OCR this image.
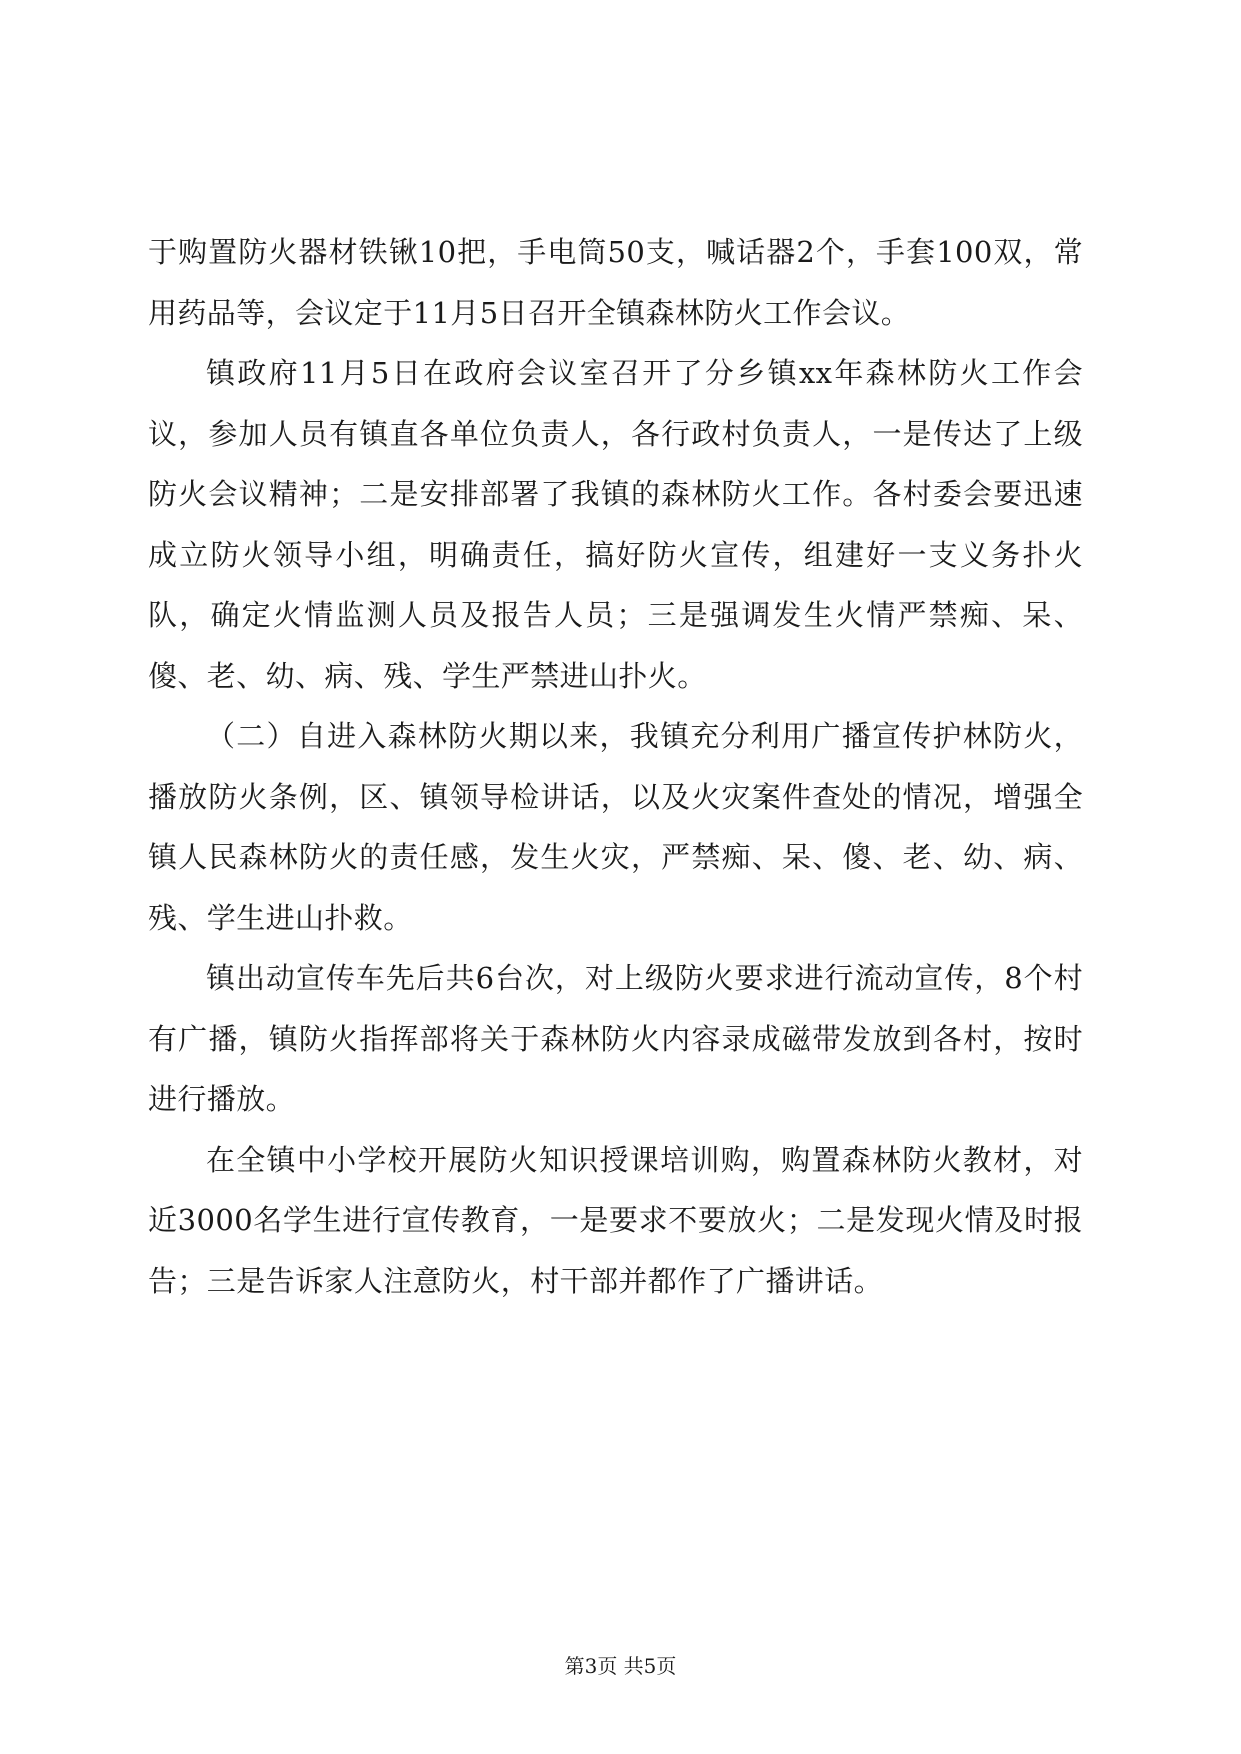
于购置防火器材铁锹10把，手电筒50支，喊话器2个，手套100双，常用药品等，会议定于11月5日召开全镇森林防火工作会议。

镇政府11月5日在政府会议室召开了分乡镇xx年森林防火工作会议，参加人员有镇直各单位负责人，各行政村负责人，一是传达了上级防火会议精神；二是安排部署了我镇的森林防火工作。各村委会要迅速成立防火领导小组，明确责任，搞好防火宣传，组建好一支义务扑火队，确定火情监测人员及报告人员；三是强调发生火情严禁痴、呆、傻、老、幼、病、残、学生严禁进山扑火。

（二）自进入森林防火期以来，我镇充分利用广播宣传护林防火，播放防火条例，区、镇领导检讲话，以及火灾案件查处的情况，增强全镇人民森林防火的责任感，发生火灾，严禁痴、呆、傻、老、幼、病、残、学生进山扑救。

镇出动宣传车先后共6台次，对上级防火要求进行流动宣传，8个村有广播，镇防火指挥部将关于森林防火内容录成磁带发放到各村，按时进行播放。

在全镇中小学校开展防火知识授课培训购，购置森林防火教材，对近3000名学生进行宣传教育，一是要求不要放火；二是发现火情及时报告；三是告诉家人注意防火，村干部并都作了广播讲话。

第3页 共5页
